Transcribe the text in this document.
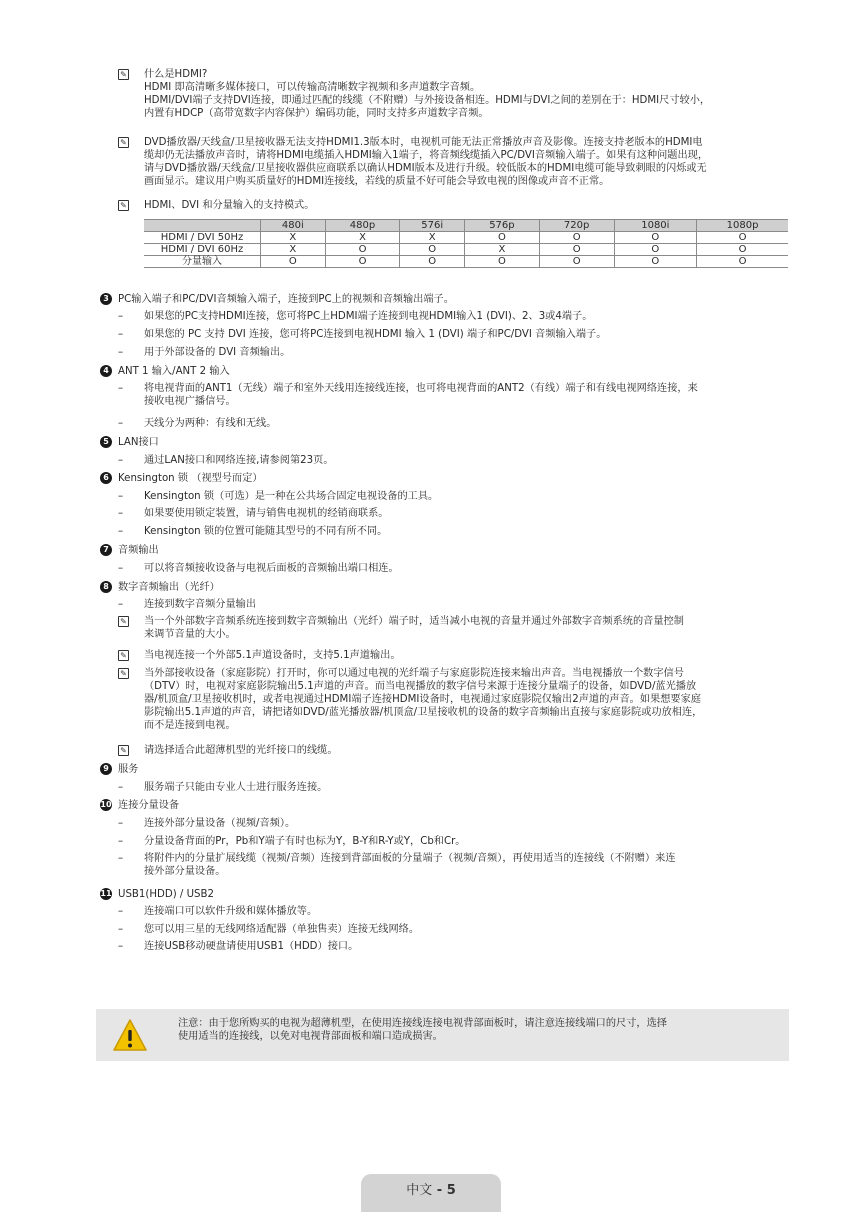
✎ 什么是HDMI?

HDMI 即高清晰多媒体接口，可以传输高清晰数字视频和多声道数字音频。

HDMI/DVI端子支持DVI连接，即通过匹配的线缆（不附赠）与外接设备相连。HDMI与DVI之间的差别在于：HDMI尺寸较小，

内置有HDCP（高带宽数字内容保护）编码功能，同时支持多声道数字音频。

✎ DVD播放器/天线盒/卫星接收器无法支持HDMI1.3版本时，电视机可能无法正常播放声音及影像。连接支持老版本的HDMI电

缆却仍无法播放声音时，请将HDMI电缆插入HDMI输入1端子，将音频线缆插入PC/DVI音频输入端子。如果有这种问题出现，

请与DVD播放器/天线盒/卫星接收器供应商联系以确认HDMI版本及进行升级。较低版本的HDMI电缆可能导致刺眼的闪烁或无

画面显示。建议用户购买质量好的HDMI连接线，若线的质量不好可能会导致电视的图像或声音不正常。

✎ HDMI、DVI 和分量输入的支持模式。

	480i	480p	576i	576p	720p	1080i	1080p
HDMI / DVI 50Hz	X	X	X	O	O	O	O
HDMI / DVI 60Hz	X	O	O	X	O	O	O
分量输入	O	O	O	O	O	O	O
3 PC输入端子和PC/DVI音频输入端子，连接到PC上的视频和音频输出端子。
– 如果您的PC支持HDMI连接，您可将PC上HDMI端子连接到电视HDMI输入1 (DVI)、2、3或4端子。
– 如果您的 PC 支持 DVI 连接，您可将PC连接到电视HDMI 输入 1 (DVI) 端子和PC/DVI 音频输入端子。
– 用于外部设备的 DVI 音频输出。
4 ANT 1 输入/ANT 2 输入
– 将电视背面的ANT1（无线）端子和室外天线用连接线连接，也可将电视背面的ANT2（有线）端子和有线电视网络连接，来
接收电视广播信号。
– 天线分为两种：有线和无线。
5 LAN接口
– 通过LAN接口和网络连接,请参阅第23页。
6 Kensington 锁 （视型号而定）
– Kensington 锁（可选）是一种在公共场合固定电视设备的工具。
– 如果要使用锁定装置，请与销售电视机的经销商联系。
– Kensington 锁的位置可能随其型号的不同有所不同。
7 音频输出
– 可以将音频接收设备与电视后面板的音频输出端口相连。
8 数字音频输出（光纤）
– 连接到数字音频分量输出
✎ 当一个外部数字音频系统连接到数字音频输出（光纤）端子时，适当减小电视的音量并通过外部数字音频系统的音量控制

来调节音量的大小。

✎ 当电视连接一个外部5.1声道设备时，支持5.1声道输出。

✎ 当外部接收设备（家庭影院）打开时，你可以通过电视的光纤端子与家庭影院连接来输出声音。当电视播放一个数字信号

（DTV）时，电视对家庭影院输出5.1声道的声音。而当电视播放的数字信号来源于连接分量端子的设备，如DVD/蓝光播放

器/机顶盒/卫星接收机时，或者电视通过HDMI端子连接HDMI设备时，电视通过家庭影院仅输出2声道的声音。如果想要家庭

影院输出5.1声道的声音，请把诸如DVD/蓝光播放器/机顶盒/卫星接收机的设备的数字音频输出直接与家庭影院或功放相连，

而不是连接到电视。

✎ 请选择适合此超薄机型的光纤接口的线缆。

9 服务
– 服务端子只能由专业人士进行服务连接。
10 连接分量设备
– 连接外部分量设备（视频/音频）。
– 分量设备背面的Pr，Pb和Y端子有时也标为Y，B-Y和R-Y或Y，Cb和Cr。
– 将附件内的分量扩展线缆（视频/音频）连接到背部面板的分量端子（视频/音频），再使用适当的连接线（不附赠）来连
接外部分量设备。
11 USB1(HDD) / USB2
– 连接端口可以软件升级和媒体播放等。
– 您可以用三星的无线网络适配器（单独售卖）连接无线网络。
– 连接USB移动硬盘请使用USB1（HDD）接口。
注意：由于您所购买的电视为超薄机型，在使用连接线连接电视背部面板时，请注意连接线端口的尺寸，选择
使用适当的连接线，以免对电视背部面板和端口造成损害。
中文 - 5
